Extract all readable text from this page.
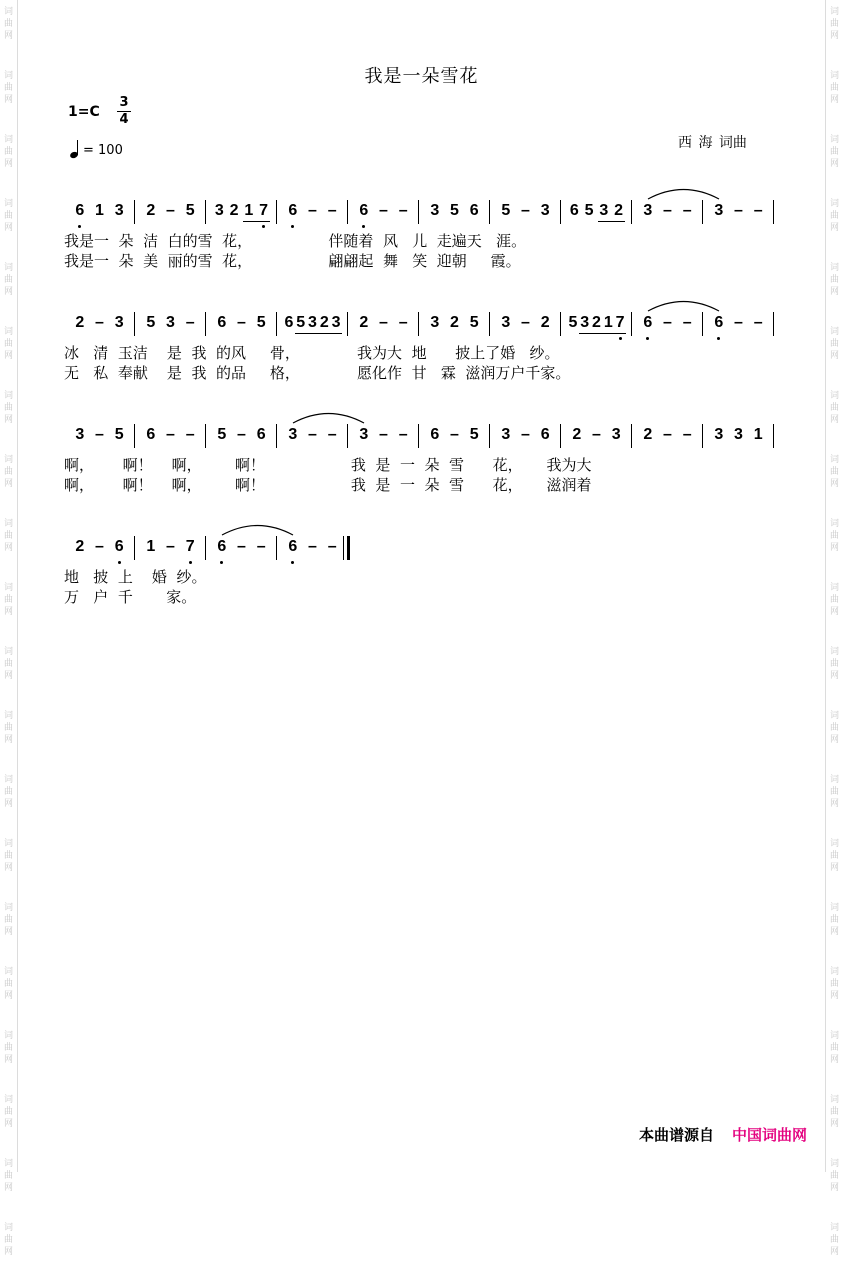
词
曲
网
词
曲
网
词
曲
网
词
曲
网
词
曲
网
词
曲
网
词
曲
网
词
曲
网
词
曲
网
词
曲
网
词
曲
网
词
曲
网
词
曲
网
词
曲
网
词
曲
网
词
曲
网
词
曲
网
词
曲
网
词
曲
网
词
曲
网
词
曲
网
词
曲
网
词
曲
网
词
曲
网
词
曲
网
词
曲
网
词
曲
网
词
曲
网
词
曲
网
词
曲
网
词
曲
网
词
曲
网
词
曲
网
词
曲
网
词
曲
网
词
曲
网
词
曲
网
词
曲
网
词
曲
网
词
曲
网
我是一朵雪花
1=C
3
4
= 100	西 海 词曲
6 1 3 2 – 5 3 2 1 7 6 – – 6 – – 3 5 6 5 – 3 6 5 3 2 3 – – 3 – –
我是一  朵  洁  白的雪  花，                伴随着  风   儿  走遍天   涯。
我是一  朵  美  丽的雪  花，                翩翩起  舞   笑  迎朝     霞。
2 – 3 5 3 – 6 – 5 6 5 3 2 3 2 – – 3 2 5 3 – 2 5 3 2 1 7 6 – – 6 – –
冰   清  玉洁    是  我  的风     骨，            我为大  地      披上了婚   纱。
无   私  奉献    是  我  的品     格，            愿化作  甘   霖  滋润万户千家。
3 – 5 6 – – 5 – 6 3 – – 3 – – 6 – 5 3 – 6 2 – 3 2 – – 3 3 1
啊，      啊！    啊，       啊！                  我  是  一  朵  雪      花，     我为大
啊，      啊！    啊，       啊！                  我  是  一  朵  雪      花，     滋润着
2 – 6 1 – 7 6 – – 6 – –
地   披  上    婚  纱。
万   户  千       家。
本曲谱源自 中国词曲网
